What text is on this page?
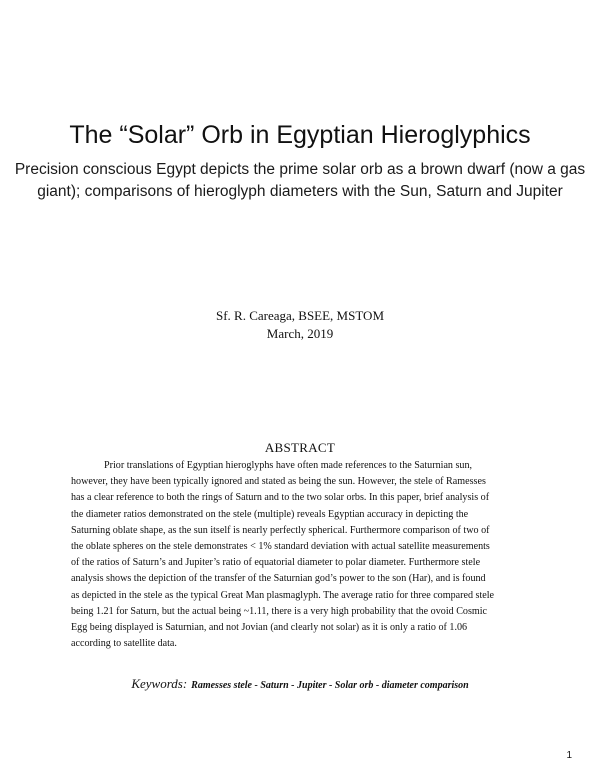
The “Solar” Orb in Egyptian Hieroglyphics
Precision conscious Egypt depicts the prime solar orb as a brown dwarf (now a gas giant); comparisons of hieroglyph diameters with the Sun, Saturn and Jupiter
Sf. R. Careaga, BSEE, MSTOM
March, 2019
ABSTRACT
Prior translations of Egyptian hieroglyphs have often made references to the Saturnian sun,
however, they have been typically ignored and stated as being the sun. However, the stele of Ramesses
has a clear reference to both the rings of Saturn and to the two solar orbs. In this paper, brief analysis of
the diameter ratios demonstrated on the stele (multiple) reveals Egyptian accuracy in depicting the
Saturning oblate shape, as the sun itself is nearly perfectly spherical. Furthermore comparison of two of
the oblate spheres on the stele demonstrates < 1% standard deviation with actual satellite measurements
of the ratios of Saturn’s and Jupiter’s ratio of equatorial diameter to polar diameter. Furthermore stele
analysis shows the depiction of the transfer of the Saturnian god’s power to the son (Har), and is found
as depicted in the stele as the typical Great Man plasmaglyph. The average ratio for three compared stele
being 1.21 for Saturn, but the actual being ~1.11, there is a very high probability that the ovoid Cosmic
Egg being displayed is Saturnian, and not Jovian (and clearly not solar) as it is only a ratio of 1.06
according to satellite data.
Keywords: Ramesses stele - Saturn - Jupiter - Solar orb - diameter comparison
1
